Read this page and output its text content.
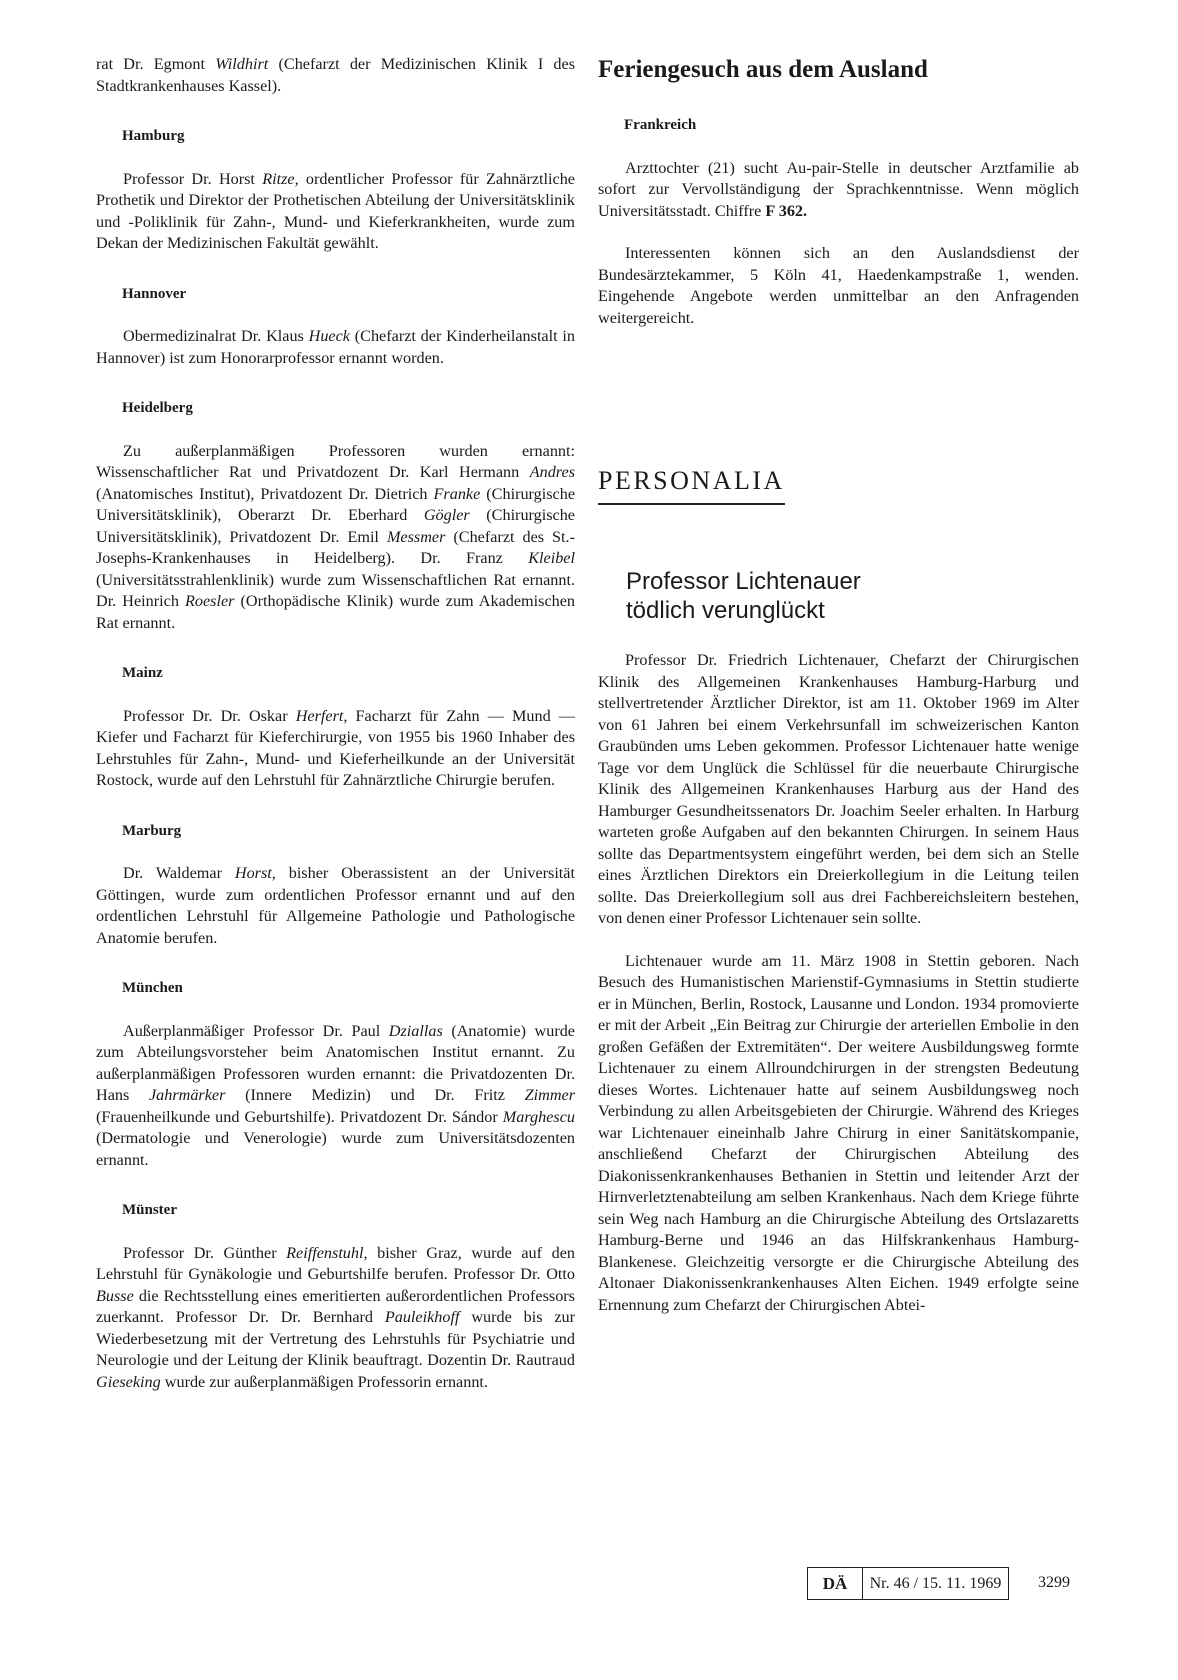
rat Dr. Egmont Wildhirt (Chefarzt der Medizinischen Klinik I des Stadtkrankenhauses Kassel).

Hamburg

Professor Dr. Horst Ritze, ordentlicher Professor für Zahnärztliche Prothetik und Direktor der Prothetischen Abteilung der Universitätsklinik und -Poliklinik für Zahn-, Mund- und Kieferkrankheiten, wurde zum Dekan der Medizinischen Fakultät gewählt.

Hannover

Obermedizinalrat Dr. Klaus Hueck (Chefarzt der Kinderheilanstalt in Hannover) ist zum Honorarprofessor ernannt worden.

Heidelberg

Zu außerplanmäßigen Professoren wurden ernannt: Wissenschaftlicher Rat und Privatdozent Dr. Karl Hermann Andres (Anatomisches Institut), Privatdozent Dr. Dietrich Franke (Chirurgische Universitätsklinik), Oberarzt Dr. Eberhard Gögler (Chirurgische Universitätsklinik), Privatdozent Dr. Emil Messmer (Chefarzt des St.-Josephs-Krankenhauses in Heidelberg). Dr. Franz Kleibel (Universitätsstrahlenklinik) wurde zum Wissenschaftlichen Rat ernannt. Dr. Heinrich Roesler (Orthopädische Klinik) wurde zum Akademischen Rat ernannt.

Mainz

Professor Dr. Dr. Oskar Herfert, Facharzt für Zahn — Mund — Kiefer und Facharzt für Kieferchirurgie, von 1955 bis 1960 Inhaber des Lehrstuhles für Zahn-, Mund- und Kieferheilkunde an der Universität Rostock, wurde auf den Lehrstuhl für Zahnärztliche Chirurgie berufen.

Marburg

Dr. Waldemar Horst, bisher Oberassistent an der Universität Göttingen, wurde zum ordentlichen Professor ernannt und auf den ordentlichen Lehrstuhl für Allgemeine Pathologie und Pathologische Anatomie berufen.

München

Außerplanmäßiger Professor Dr. Paul Dziallas (Anatomie) wurde zum Abteilungsvorsteher beim Anatomischen Institut ernannt. Zu außerplanmäßigen Professoren wurden ernannt: die Privatdozenten Dr. Hans Jahrmärker (Innere Medizin) und Dr. Fritz Zimmer (Frauenheilkunde und Geburtshilfe). Privatdozent Dr. Sándor Marghescu (Dermatologie und Venerologie) wurde zum Universitätsdozenten ernannt.

Münster

Professor Dr. Günther Reiffenstuhl, bisher Graz, wurde auf den Lehrstuhl für Gynäkologie und Geburtshilfe berufen. Professor Dr. Otto Busse die Rechtsstellung eines emeritierten außerordentlichen Professors zuerkannt. Professor Dr. Dr. Bernhard Pauleikhoff wurde bis zur Wiederbesetzung mit der Vertretung des Lehrstuhls für Psychiatrie und Neurologie und der Leitung der Klinik beauftragt. Dozentin Dr. Rautraud Gieseking wurde zur außerplanmäßigen Professorin ernannt.

Feriengesuch aus dem Ausland
Frankreich

Arzttochter (21) sucht Au-pair-Stelle in deutscher Arztfamilie ab sofort zur Vervollständigung der Sprachkenntnisse. Wenn möglich Universitätsstadt. Chiffre F 362.

Interessenten können sich an den Auslandsdienst der Bundesärztekammer, 5 Köln 41, Haedenkampstraße 1, wenden. Eingehende Angebote werden unmittelbar an den Anfragenden weitergereicht.

PERSONALIA
Professor Lichtenauer
tödlich verunglückt

Professor Dr. Friedrich Lichtenauer, Chefarzt der Chirurgischen Klinik des Allgemeinen Krankenhauses Hamburg-Harburg und stellvertretender Ärztlicher Direktor, ist am 11. Oktober 1969 im Alter von 61 Jahren bei einem Verkehrsunfall im schweizerischen Kanton Graubünden ums Leben gekommen. Professor Lichtenauer hatte wenige Tage vor dem Unglück die Schlüssel für die neuerbaute Chirurgische Klinik des Allgemeinen Krankenhauses Harburg aus der Hand des Hamburger Gesundheitssenators Dr. Joachim Seeler erhalten. In Harburg warteten große Aufgaben auf den bekannten Chirurgen. In seinem Haus sollte das Departmentsystem eingeführt werden, bei dem sich an Stelle eines Ärztlichen Direktors ein Dreierkollegium in die Leitung teilen sollte. Das Dreierkollegium soll aus drei Fachbereichsleitern bestehen, von denen einer Professor Lichtenauer sein sollte.

Lichtenauer wurde am 11. März 1908 in Stettin geboren. Nach Besuch des Humanistischen Marienstif-Gymnasiums in Stettin studierte er in München, Berlin, Rostock, Lausanne und London. 1934 promovierte er mit der Arbeit „Ein Beitrag zur Chirurgie der arteriellen Embolie in den großen Gefäßen der Extremitäten“. Der weitere Ausbildungsweg formte Lichtenauer zu einem Allroundchirurgen in der strengsten Bedeutung dieses Wortes. Lichtenauer hatte auf seinem Ausbildungsweg noch Verbindung zu allen Arbeitsgebieten der Chirurgie. Während des Krieges war Lichtenauer eineinhalb Jahre Chirurg in einer Sanitätskompanie, anschließend Chefarzt der Chirurgischen Abteilung des Diakonissenkrankenhauses Bethanien in Stettin und leitender Arzt der Hirnverletztenabteilung am selben Krankenhaus. Nach dem Kriege führte sein Weg nach Hamburg an die Chirurgische Abteilung des Ortslazaretts Hamburg-Berne und 1946 an das Hilfskrankenhaus Hamburg-Blankenese. Gleichzeitig versorgte er die Chirurgische Abteilung des Altonaer Diakonissenkrankenhauses Alten Eichen. 1949 erfolgte seine Ernennung zum Chefarzt der Chirurgischen Abtei-

DÄ	Nr. 46 / 15. 11. 1969	3299
